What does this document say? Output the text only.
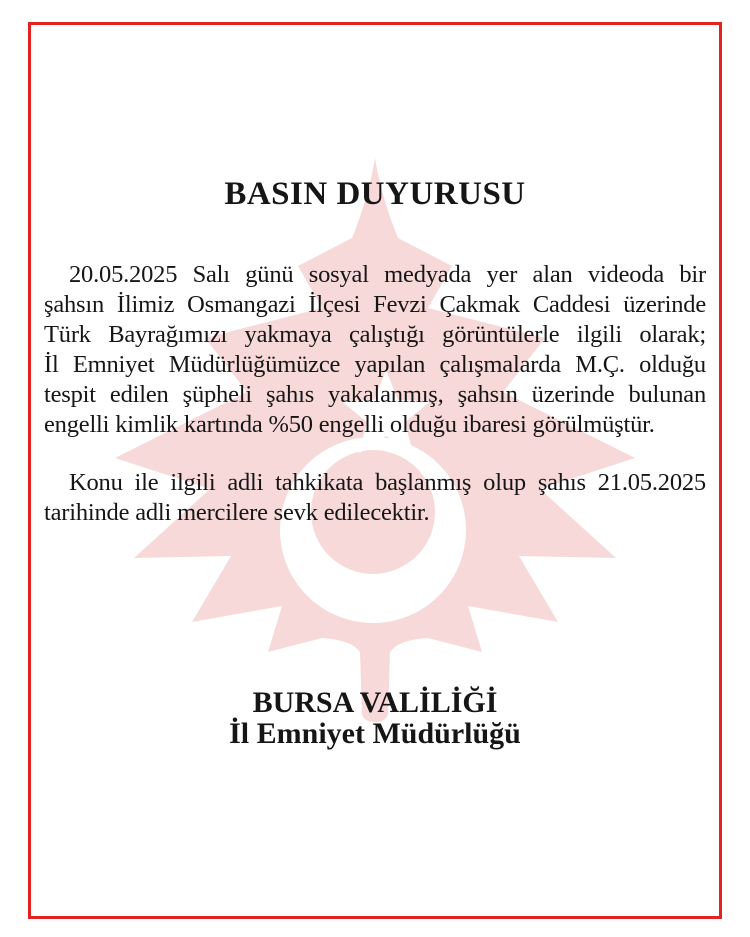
BASIN DUYURUSU
20.05.2025 Salı günü sosyal medyada yer alan videoda bir
şahsın İlimiz Osmangazi İlçesi Fevzi Çakmak Caddesi üzerinde
Türk Bayrağımızı yakmaya çalıştığı görüntülerle ilgili olarak;
İl Emniyet Müdürlüğümüzce yapılan çalışmalarda M.Ç. olduğu
tespit edilen şüpheli şahıs yakalanmış, şahsın üzerinde bulunan
engelli kimlik kartında %50 engelli olduğu ibaresi görülmüştür.
Konu ile ilgili adli tahkikata başlanmış olup şahıs 21.05.2025
tarihinde adli mercilere sevk edilecektir.
BURSA VALİLİĞİ
İl Emniyet Müdürlüğü
